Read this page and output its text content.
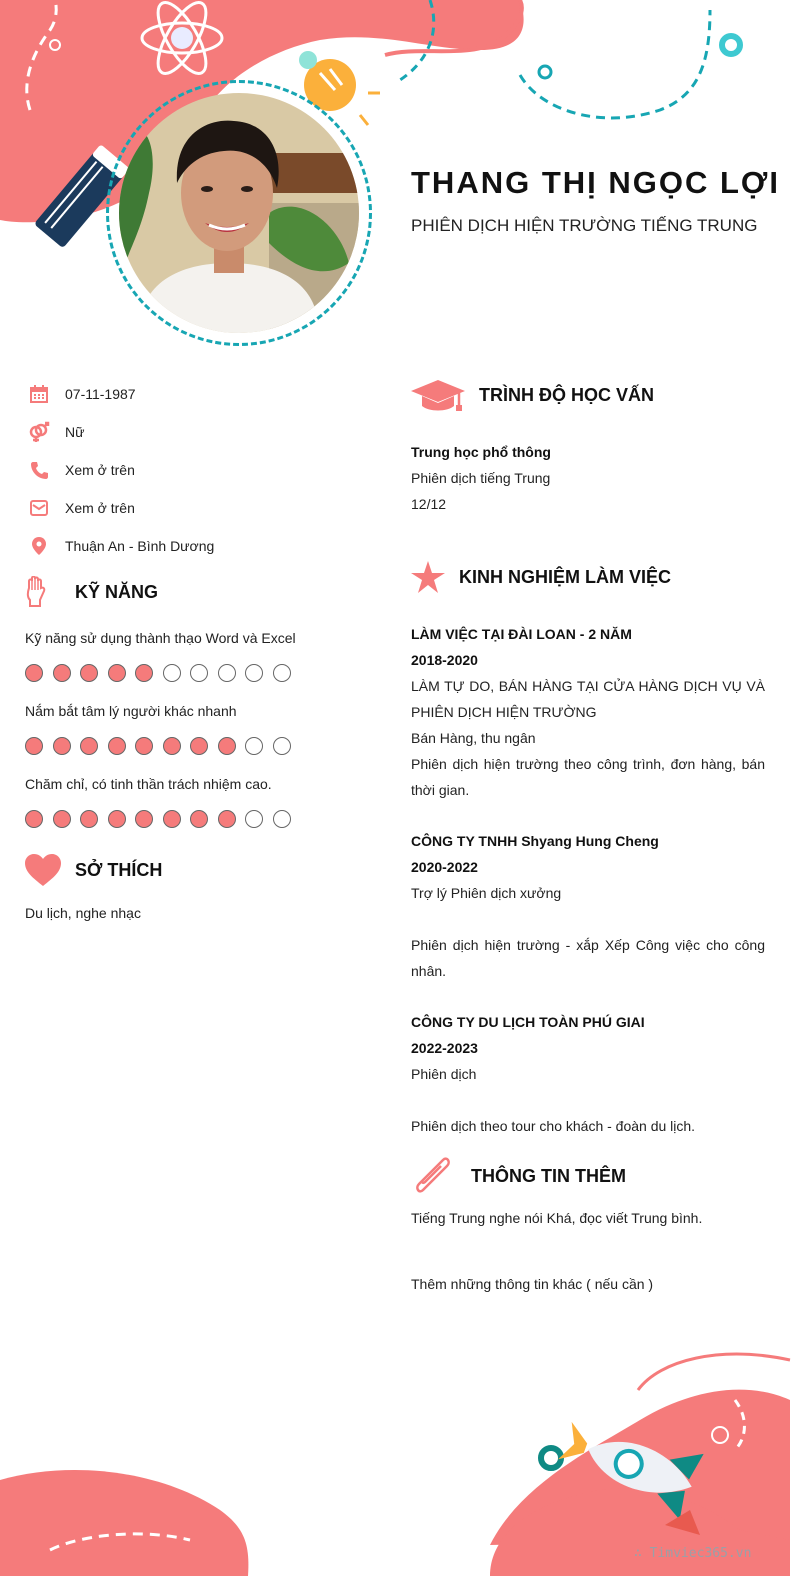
THANG THỊ NGỌC LỢI
PHIÊN DỊCH HIỆN TRƯỜNG TIẾNG TRUNG
07-11-1987
Nữ
Xem ở trên
Xem ở trên
Thuận An - Bình Dương
KỸ NĂNG
Kỹ năng sử dụng thành thạo Word và Excel
Nắm bắt tâm lý người khác nhanh
Chăm chỉ, có tinh thần trách nhiệm cao.
SỞ THÍCH
Du lịch, nghe nhạc
TRÌNH ĐỘ HỌC VẤN
Trung học phổ thông
Phiên dịch tiếng Trung
12/12
KINH NGHIỆM LÀM VIỆC
LÀM VIỆC TẠI ĐÀI LOAN - 2 NĂM
2018-2020
LÀM TỰ DO, BÁN HÀNG TẠI CỬA HÀNG DỊCH VỤ VÀ PHIÊN DỊCH HIỆN TRƯỜNG
Bán Hàng, thu ngân
Phiên dịch hiện trường theo công trình, đơn hàng, bán thời gian.
CÔNG TY TNHH Shyang Hung Cheng
2020-2022
Trợ lý Phiên dịch xưởng
Phiên dịch hiện trường - xắp Xếp Công việc cho công nhân.
CÔNG TY DU LỊCH TOÀN PHÚ GIAI
2022-2023
Phiên dịch
Phiên dịch theo tour cho khách - đoàn du lịch.
THÔNG TIN THÊM
Tiếng Trung nghe nói Khá, đọc viết Trung bình.
Thêm những thông tin khác ( nếu cần )
∴ Timviec365.vn
